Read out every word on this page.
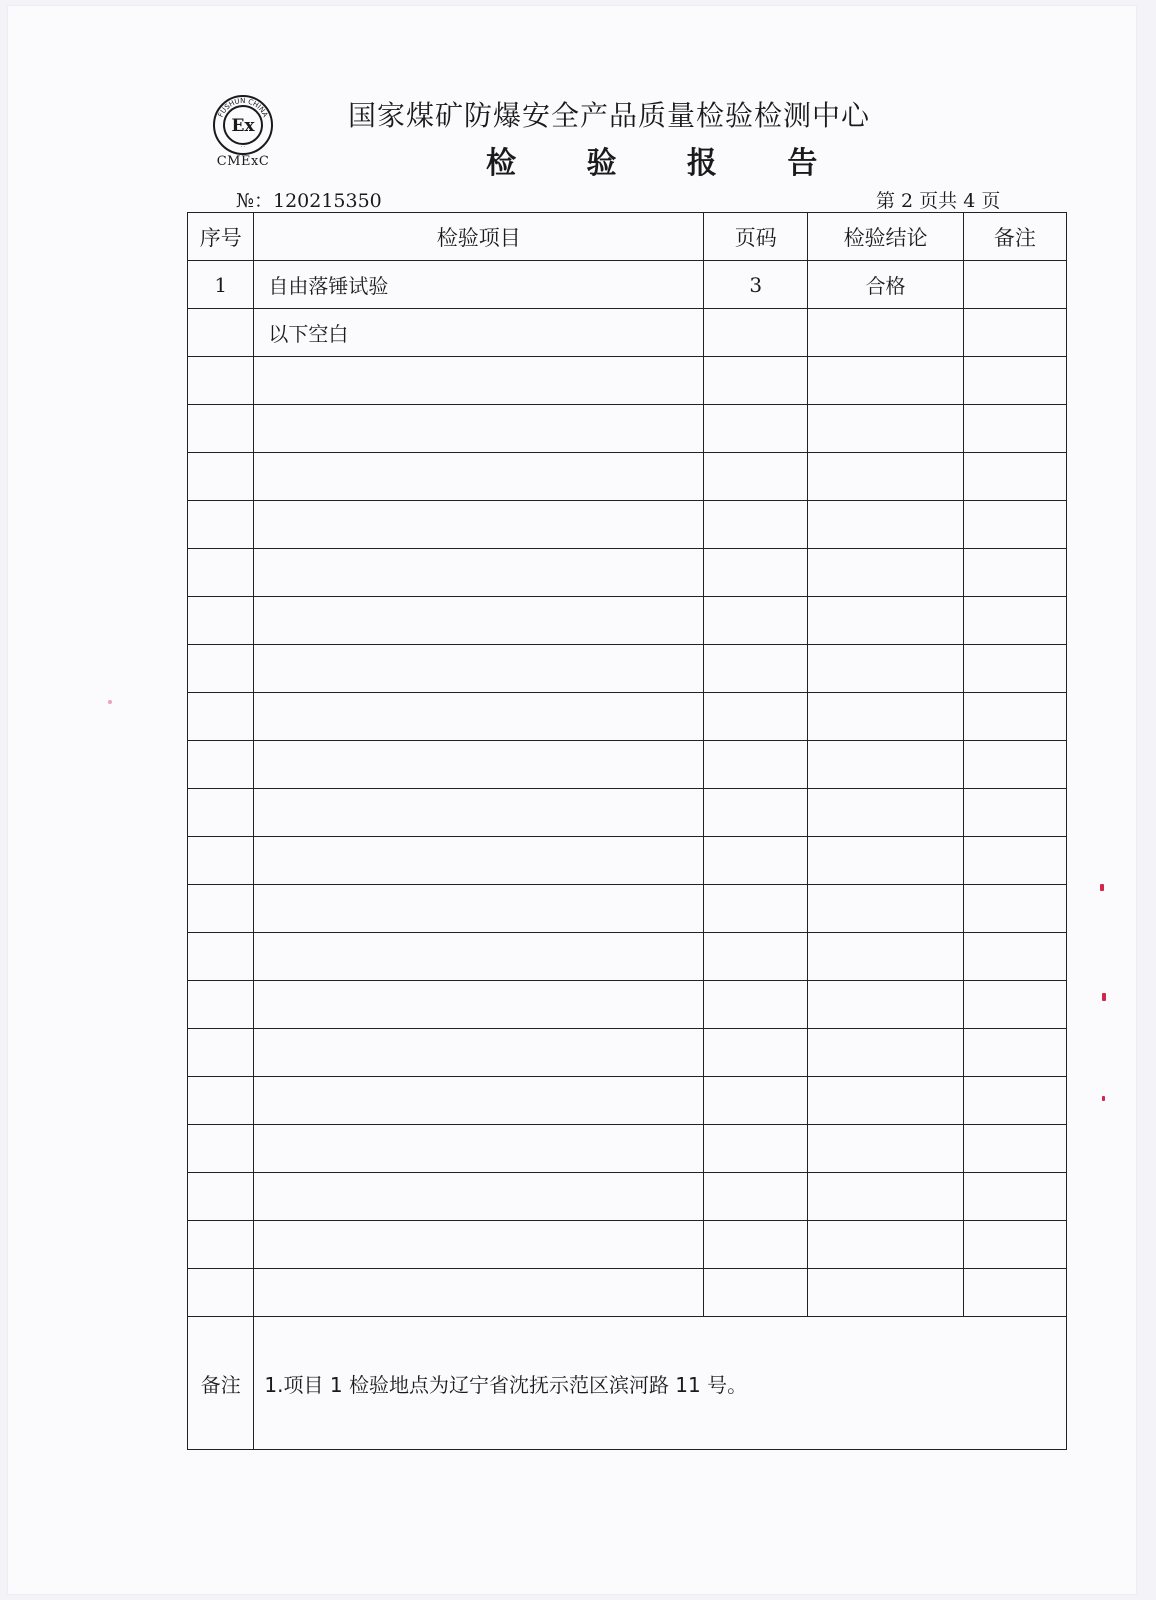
FUSHUN CHINA
Ex
· ·
CMExC
国家煤矿防爆安全产品质量检验检测中心
检 验 报 告
№：120215350	第 2 页共 4 页
序号	检验项目	页码	检验结论	备注
1	自由落锤试验	3	合格	
	以下空白			

备注	1.项目 1 检验地点为辽宁省沈抚示范区滨河路 11 号。			
